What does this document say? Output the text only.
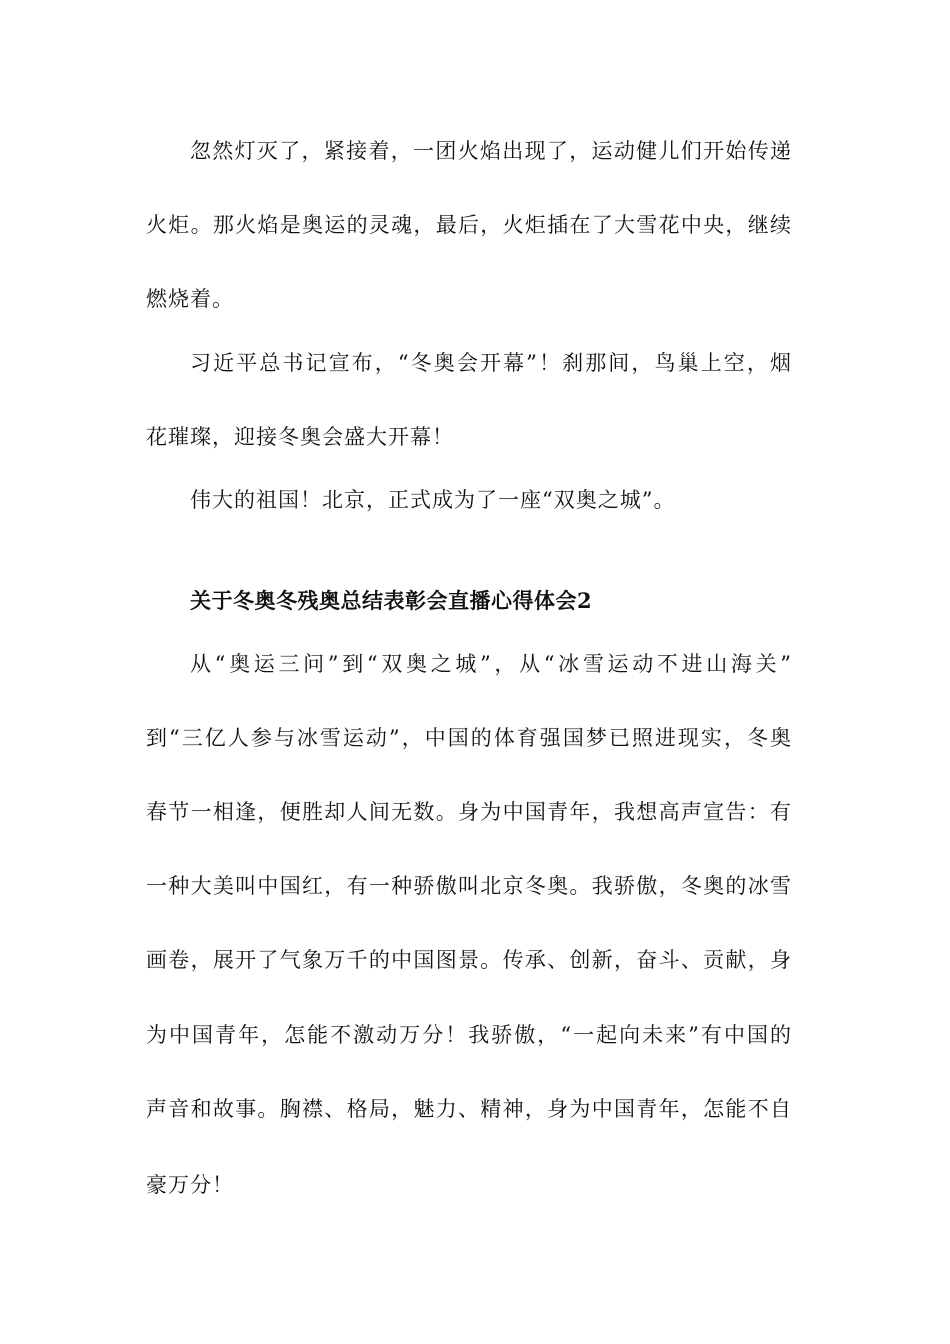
忽然灯灭了，紧接着，一团火焰出现了，运动健儿们开始传递
火炬。那火焰是奥运的灵魂，最后，火炬插在了大雪花中央，继续
燃烧着。
习近平总书记宣布，“冬奥会开幕”！刹那间，鸟巢上空，烟
花璀璨，迎接冬奥会盛大开幕！
伟大的祖国！北京，正式成为了一座“双奥之城”。
关于冬奥冬残奥总结表彰会直播心得体会2
从“奥运三问”到“双奥之城”，从“冰雪运动不进山海关”
到“三亿人参与冰雪运动”，中国的体育强国梦已照进现实，冬奥
春节一相逢，便胜却人间无数。身为中国青年，我想高声宣告：有
一种大美叫中国红，有一种骄傲叫北京冬奥。我骄傲，冬奥的冰雪
画卷，展开了气象万千的中国图景。传承、创新，奋斗、贡献，身
为中国青年，怎能不激动万分！我骄傲，“一起向未来”有中国的
声音和故事。胸襟、格局，魅力、精神，身为中国青年，怎能不自
豪万分！
